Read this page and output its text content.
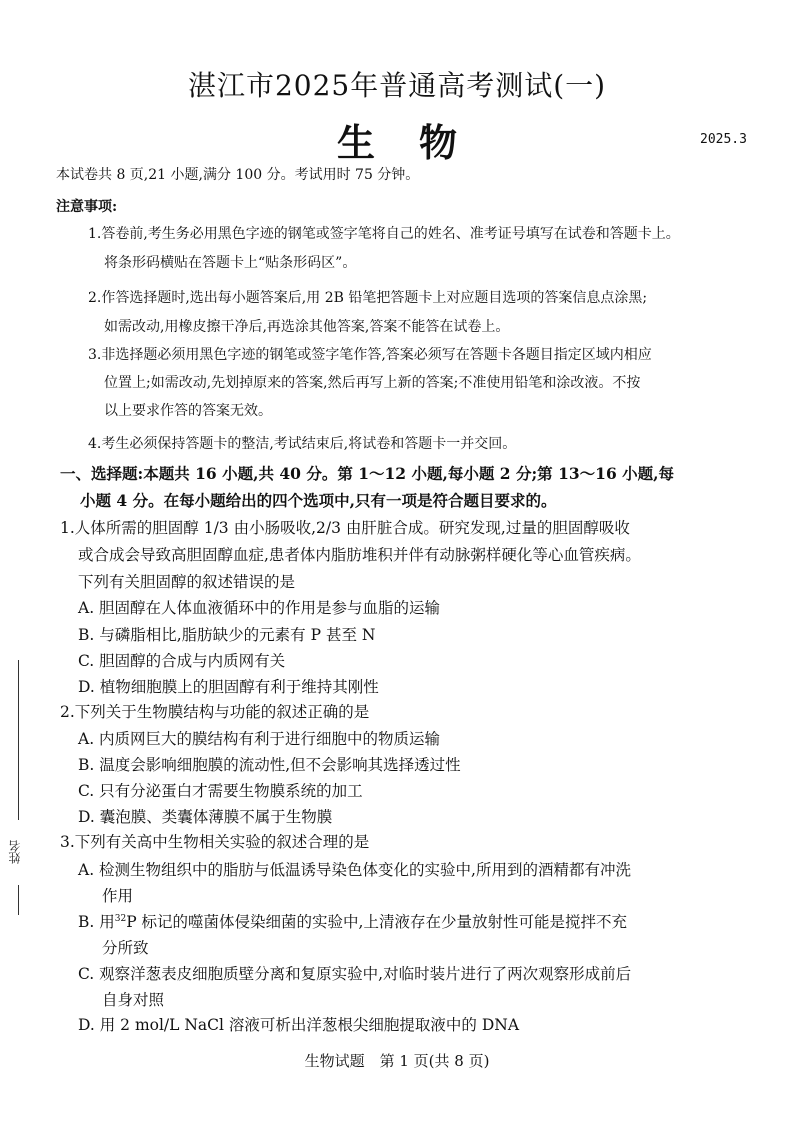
湛江市2025年普通高考测试(一)
生物	2025.3
本试卷共 8 页,21 小题,满分 100 分。考试用时 75 分钟。
注意事项:
1.答卷前,考生务必用黑色字迹的钢笔或签字笔将自己的姓名、准考证号填写在试卷和答题卡上。
将条形码横贴在答题卡上“贴条形码区”。
2.作答选择题时,选出每小题答案后,用 2B 铅笔把答题卡上对应题目选项的答案信息点涂黑;
如需改动,用橡皮擦干净后,再选涂其他答案,答案不能答在试卷上。
3.非选择题必须用黑色字迹的钢笔或签字笔作答,答案必须写在答题卡各题目指定区域内相应
位置上;如需改动,先划掉原来的答案,然后再写上新的答案;不准使用铅笔和涂改液。不按
以上要求作答的答案无效。
4.考生必须保持答题卡的整洁,考试结束后,将试卷和答题卡一并交回。
一、选择题:本题共 16 小题,共 40 分。第 1～12 小题,每小题 2 分;第 13～16 小题,每
小题 4 分。在每小题给出的四个选项中,只有一项是符合题目要求的。
1.人体所需的胆固醇 1/3 由小肠吸收,2/3 由肝脏合成。研究发现,过量的胆固醇吸收
或合成会导致高胆固醇血症,患者体内脂肪堆积并伴有动脉粥样硬化等心血管疾病。
下列有关胆固醇的叙述错误的是
A. 胆固醇在人体血液循环中的作用是参与血脂的运输
B. 与磷脂相比,脂肪缺少的元素有 P 甚至 N
C. 胆固醇的合成与内质网有关
D. 植物细胞膜上的胆固醇有利于维持其刚性
2.下列关于生物膜结构与功能的叙述正确的是
A. 内质网巨大的膜结构有利于进行细胞中的物质运输
B. 温度会影响细胞膜的流动性,但不会影响其选择透过性
C. 只有分泌蛋白才需要生物膜系统的加工
D. 囊泡膜、类囊体薄膜不属于生物膜
3.下列有关高中生物相关实验的叙述合理的是
A. 检测生物组织中的脂肪与低温诱导染色体变化的实验中,所用到的酒精都有冲洗
作用
B. 用$^{32}$P 标记的噬菌体侵染细菌的实验中,上清液存在少量放射性可能是搅拌不充
分所致
C. 观察洋葱表皮细胞质壁分离和复原实验中,对临时装片进行了两次观察形成前后
自身对照
D. 用 2 mol/L NaCl 溶液可析出洋葱根尖细胞提取液中的 DNA
姓名
生物试题　第 1 页(共 8 页)
